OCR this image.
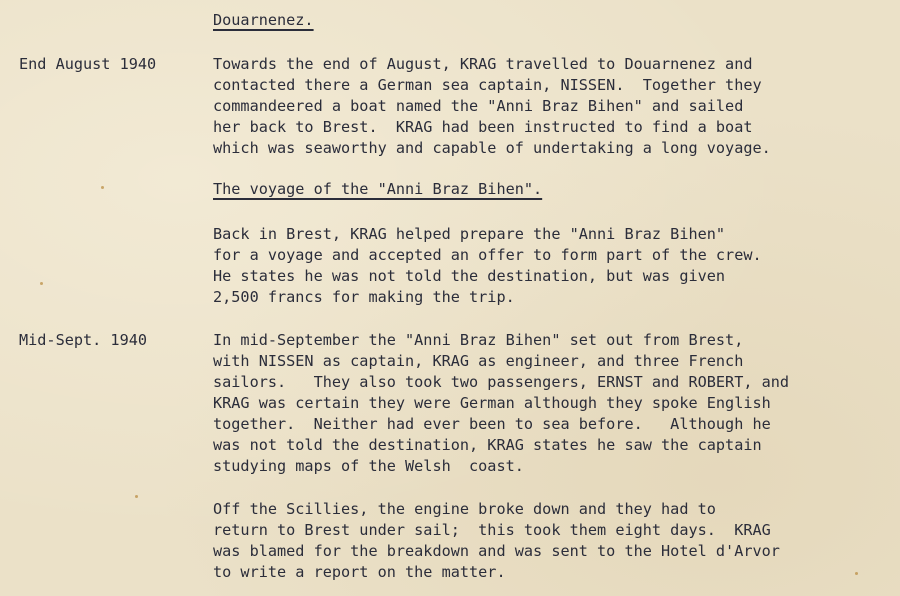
Douarnenez.
End August 1940	Towards the end of August, KRAG travelled to Douarnenez and
contacted there a German sea captain, NISSEN.  Together they
commandeered a boat named the "Anni Braz Bihen" and sailed
her back to Brest.  KRAG had been instructed to find a boat
which was seaworthy and capable of undertaking a long voyage.
The voyage of the "Anni Braz Bihen".
Back in Brest, KRAG helped prepare the "Anni Braz Bihen"
for a voyage and accepted an offer to form part of the crew.
He states he was not told the destination, but was given
2,500 francs for making the trip.
Mid-Sept. 1940	In mid-September the "Anni Braz Bihen" set out from Brest,
with NISSEN as captain, KRAG as engineer, and three French
sailors.   They also took two passengers, ERNST and ROBERT, and
KRAG was certain they were German although they spoke English
together.  Neither had ever been to sea before.   Although he
was not told the destination, KRAG states he saw the captain
studying maps of the Welsh  coast.
Off the Scillies, the engine broke down and they had to
return to Brest under sail;  this took them eight days.  KRAG
was blamed for the breakdown and was sent to the Hotel d'Arvor
to write a report on the matter.
